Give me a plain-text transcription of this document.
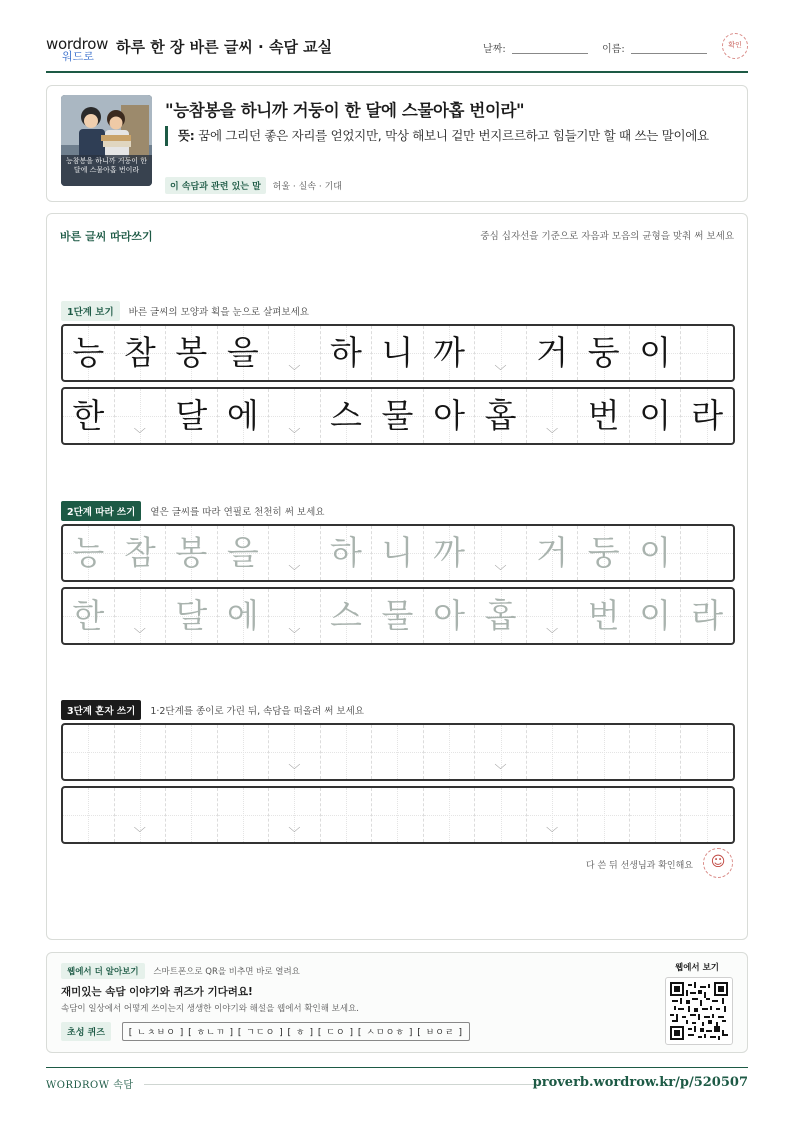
wordrow
워드로
하루 한 장 바른 글씨 · 속담 교실	날짜:	이름:	확인
능참봉을 하니까 거둥이 한 달에 스물아홉 번이라
"능참봉을 하니까 거둥이 한 달에 스물아홉 번이라"
뜻: 꿈에 그리던 좋은 자리를 얻었지만, 막상 해보니 겉만 번지르르하고 힘들기만 할 때 쓰는 말이에요
이 속담과 관련 있는 말 허울 · 실속 · 기대
바른 글씨 따라쓰기	중심 십자선을 기준으로 자음과 모음의 균형을 맞춰 써 보세요
1단계 보기 바른 글씨의 모양과 획을 눈으로 살펴보세요
능 참 봉 을	﹀ 하 니 까	﹀ 거 둥 이
한	﹀ 달 에	﹀ 스 물 아 홉	﹀ 번 이 라
2단계 따라 쓰기 옅은 글씨를 따라 연필로 천천히 써 보세요
능 참 봉 을	﹀ 하 니 까	﹀ 거 둥 이
한	﹀ 달 에	﹀ 스 물 아 홉	﹀ 번 이 라
3단계 혼자 쓰기 1·2단계를 종이로 가린 뒤, 속담을 떠올려 써 보세요
﹀	﹀
﹀	﹀	﹀
다 쓴 뒤 선생님과 확인해요	☺
웹에서 더 알아보기 스마트폰으로 QR을 비추면 바로 열려요
재미있는 속담 이야기와 퀴즈가 기다려요!
속담이 일상에서 어떻게 쓰이는지 생생한 이야기와 해설을 웹에서 확인해 보세요.
초성 퀴즈	[ ㄴㅊㅂㅇ ] [ ㅎㄴㄲ ] [ ㄱㄷㅇ ] [ ㅎ ] [ ㄷㅇ ] [ ㅅㅁㅇㅎ ] [ ㅂㅇㄹ ]
웹에서 보기
WORDROW 속담	proverb.wordrow.kr/p/520507
